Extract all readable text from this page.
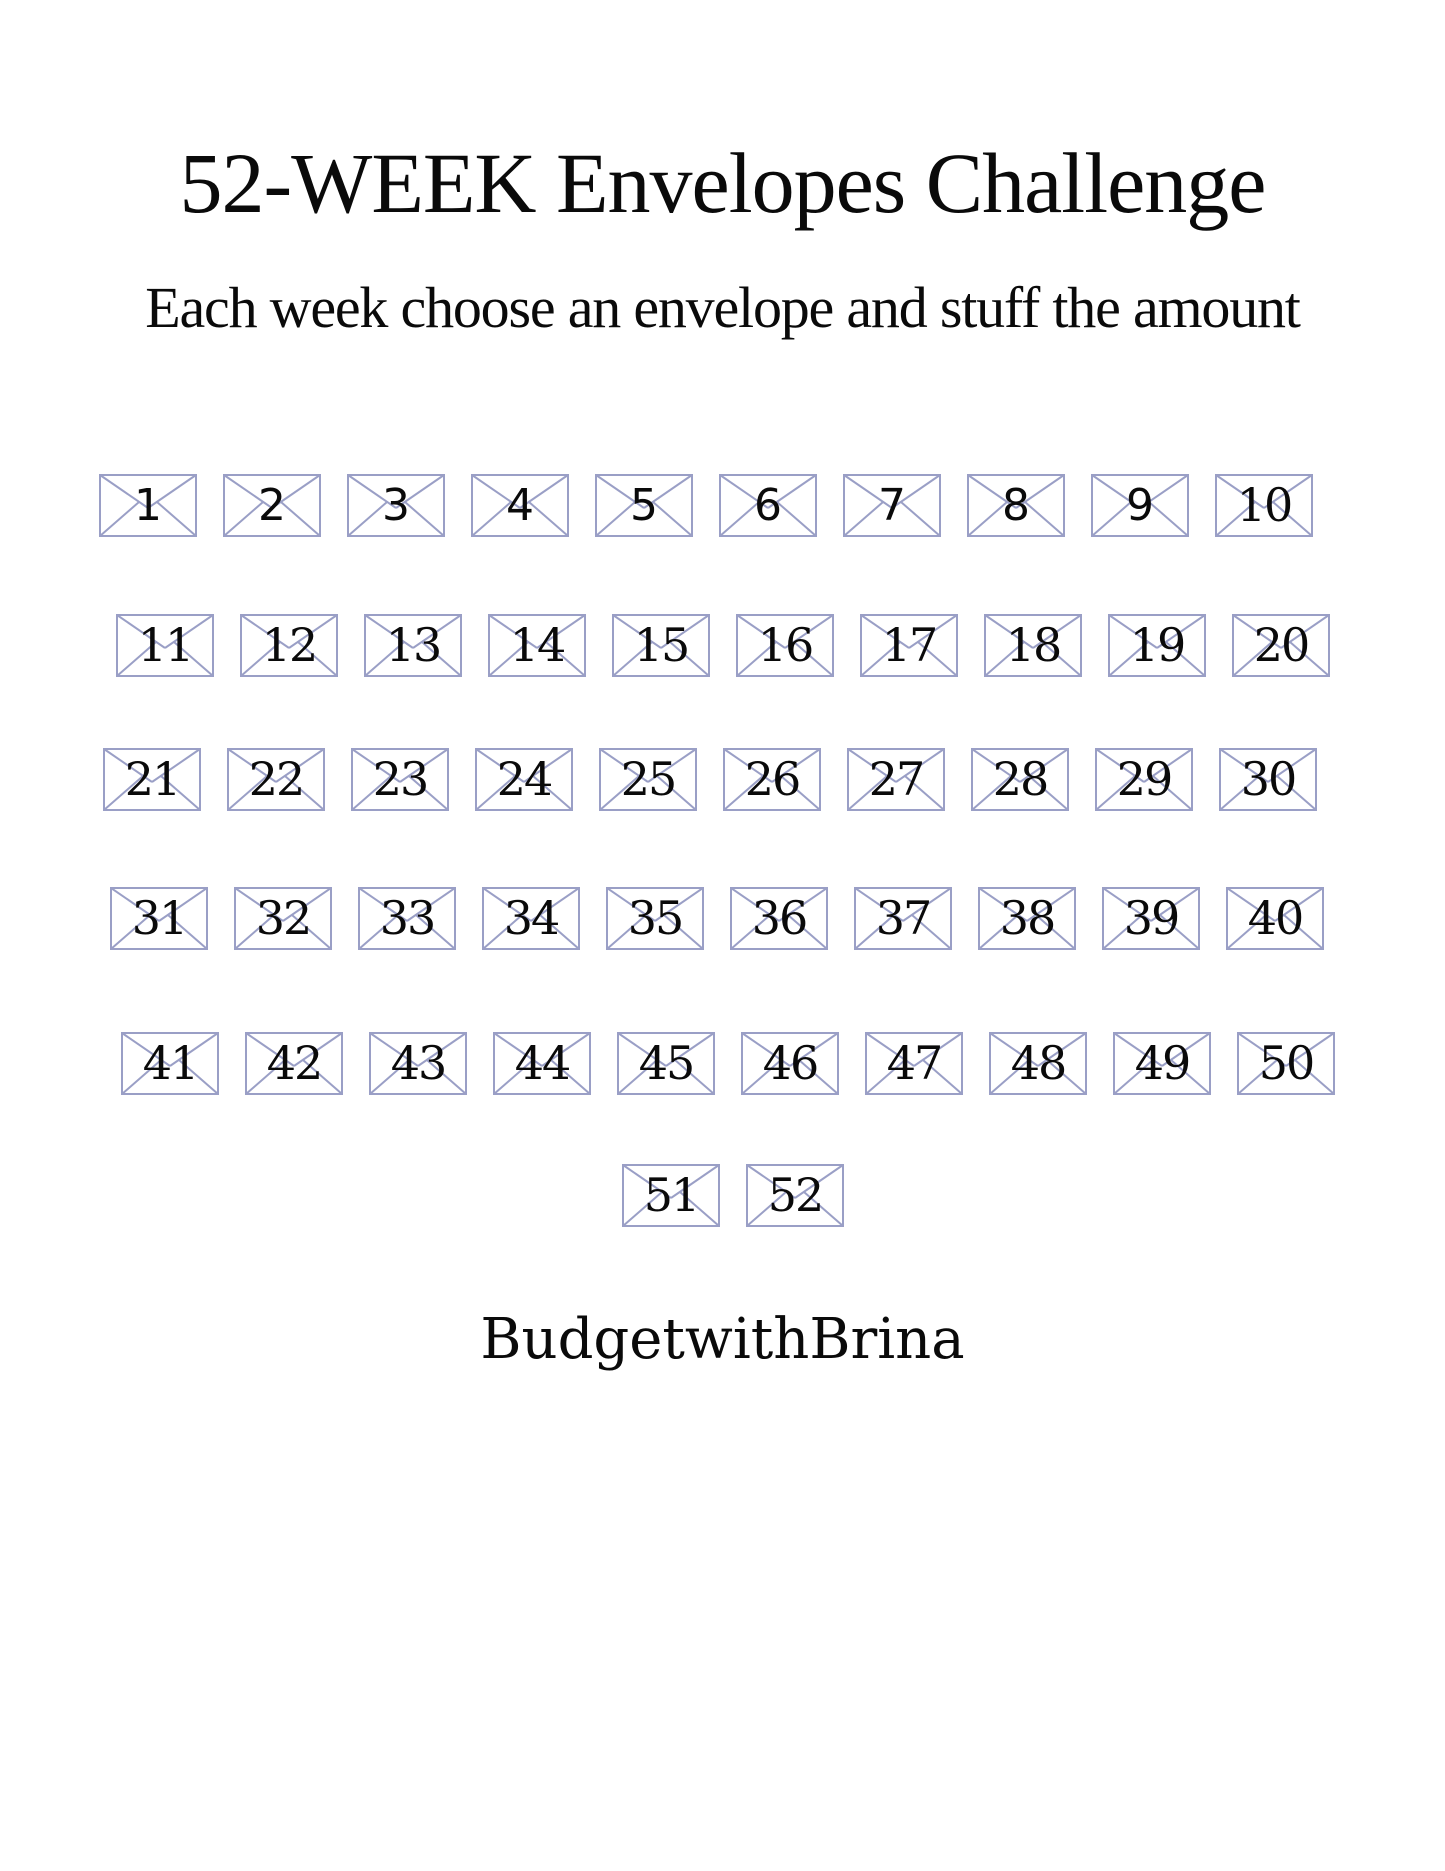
52-WEEK Envelopes Challenge

Each week choose an envelope and stuff the amount

1	2	3	4	5	6	7	8	9	10
11	12	13	14	15	16	17	18	19	20
21	22	23	24	25	26	27	28	29	30
31	32	33	34	35	36	37	38	39	40
41	42	43	44	45	46	47	48	49	50
51	52

BudgetwithBrina
